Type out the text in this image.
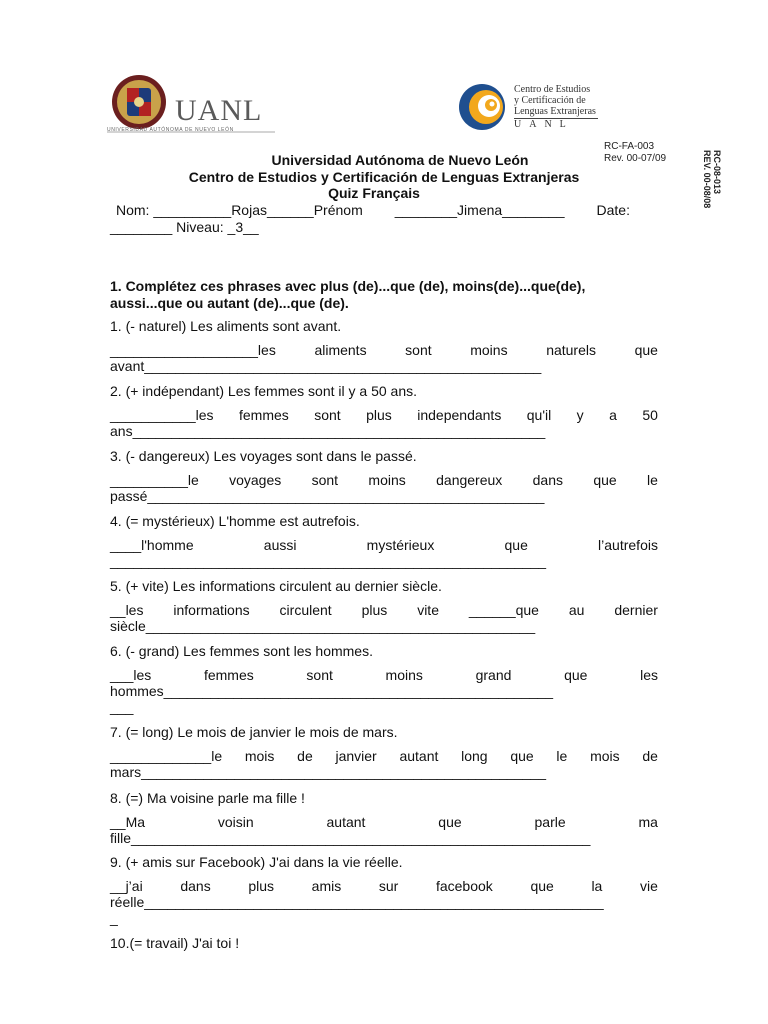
UANL
UNIVERSIDAD AUTÓNOMA DE NUEVO LEÓN
Centro de Estudios
y Certificación de
Lenguas Extranjeras
UANL
RC-FA-003
Rev. 00-07/09	RC-08-013
REV. 00-08/08
Universidad Autónoma de Nuevo León
Centro de Estudios y Certificación de Lenguas Extranjeras
Quiz Français
Nom: __________Rojas______Prénom ________Jimena________ Date:
________ Niveau: _3__
1. Complétez ces phrases avec plus (de)...que (de), moins(de)...que(de),
aussi...que ou autant (de)...que (de).
1. (- naturel) Les aliments sont avant.
___________________les	aliments	sont	moins	naturels	que
avant___________________________________________________
2. (+ indépendant) Les femmes sont il y a 50 ans.
___________les femmes sont plus independants qu'il y a 50
ans_____________________________________________________
3. (- dangereux) Les voyages sont dans le passé.
__________le voyages sont moins dangereux dans que le
passé___________________________________________________
4. (= mystérieux) L'homme est autrefois.
____l'homme	aussi	mystérieux	que	l’autrefois
________________________________________________________
5. (+ vite) Les informations circulent au dernier siècle.
__les informations circulent plus vite ______que au dernier
siècle__________________________________________________
6. (- grand) Les femmes sont les hommes.
___les	femmes	sont	moins	grand	que	les
hommes__________________________________________________
___
7. (= long) Le mois de janvier le mois de mars.
_____________le mois de janvier autant long que le mois de
mars____________________________________________________
8. (=) Ma voisine parle ma fille !
__Ma	voisin	autant	que	parle	ma
fille___________________________________________________________
9. (+ amis sur Facebook) J'ai dans la vie réelle.
__j’ai	dans	plus	amis	sur	facebook	que	la	vie
réelle___________________________________________________________
_
10.(= travail) J'ai toi !
